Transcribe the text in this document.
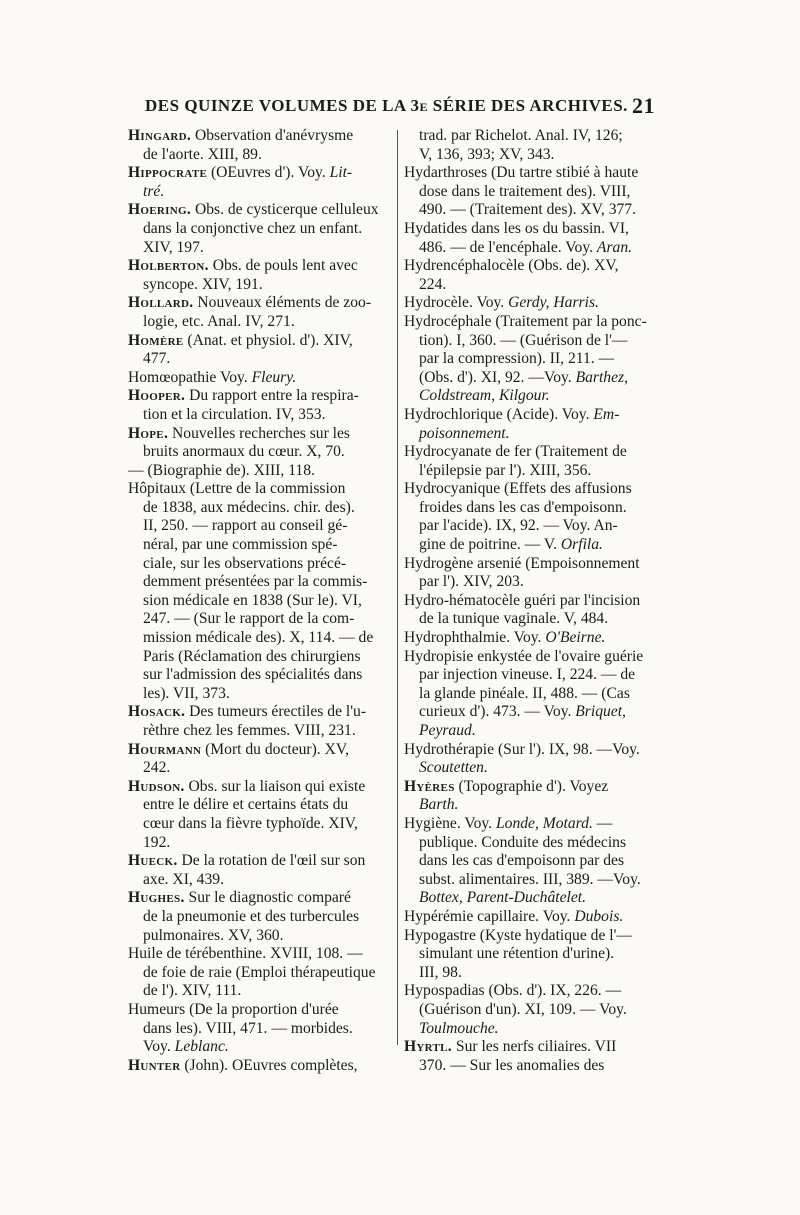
DES QUINZE VOLUMES DE LA 3e SÉRIE DES ARCHIVES. 21
Hingard. Observation d'anévrysme
de l'aorte. XIII, 89.
Hippocrate (OEuvres d'). Voy. Lit-
tré.
Hoering. Obs. de cysticerque celluleux
dans la conjonctive chez un enfant.
XIV, 197.
Holberton. Obs. de pouls lent avec
syncope. XIV, 191.
Hollard. Nouveaux éléments de zoo-
logie, etc. Anal. IV, 271.
Homère (Anat. et physiol. d'). XIV,
477.
Homœopathie Voy. Fleury.
Hooper. Du rapport entre la respira-
tion et la circulation. IV, 353.
Hope. Nouvelles recherches sur les
bruits anormaux du cœur. X, 70.
— (Biographie de). XIII, 118.
Hôpitaux (Lettre de la commission
de 1838, aux médecins. chir. des).
II, 250. — rapport au conseil gé-
néral, par une commission spé-
ciale, sur les observations précé-
demment présentées par la commis-
sion médicale en 1838 (Sur le). VI,
247. — (Sur le rapport de la com-
mission médicale des). X, 114. — de
Paris (Réclamation des chirurgiens
sur l'admission des spécialités dans
les). VII, 373.
Hosack. Des tumeurs érectiles de l'u-
rèthre chez les femmes. VIII, 231.
Hourmann (Mort du docteur). XV,
242.
Hudson. Obs. sur la liaison qui existe
entre le délire et certains états du
cœur dans la fièvre typhoïde. XIV,
192.
Hueck. De la rotation de l'œil sur son
axe. XI, 439.
Hughes. Sur le diagnostic comparé
de la pneumonie et des turbercules
pulmonaires. XV, 360.
Huile de térébenthine. XVIII, 108. —
de foie de raie (Emploi thérapeutique
de l'). XIV, 111.
Humeurs (De la proportion d'urée
dans les). VIII, 471. — morbides.
Voy. Leblanc.
Hunter (John). OEuvres complètes,
trad. par Richelot. Anal. IV, 126;
V, 136, 393; XV, 343.
Hydarthroses (Du tartre stibié à haute
dose dans le traitement des). VIII,
490. — (Traitement des). XV, 377.
Hydatides dans les os du bassin. VI,
486. — de l'encéphale. Voy. Aran.
Hydrencéphalocèle (Obs. de). XV,
224.
Hydrocèle. Voy. Gerdy, Harris.
Hydrocéphale (Traitement par la ponc-
tion). I, 360. — (Guérison de l'—
par la compression). II, 211. —
(Obs. d'). XI, 92. —Voy. Barthez,
Coldstream, Kilgour.
Hydrochlorique (Acide). Voy. Em-
poisonnement.
Hydrocyanate de fer (Traitement de
l'épilepsie par l'). XIII, 356.
Hydrocyanique (Effets des affusions
froides dans les cas d'empoisonn.
par l'acide). IX, 92. — Voy. An-
gine de poitrine. — V. Orfila.
Hydrogène arsenié (Empoisonnement
par l'). XIV, 203.
Hydro-hématocèle guéri par l'incision
de la tunique vaginale. V, 484.
Hydrophthalmie. Voy. O'Beirne.
Hydropisie enkystée de l'ovaire guérie
par injection vineuse. I, 224. — de
la glande pinéale. II, 488. — (Cas
curieux d'). 473. — Voy. Briquet,
Peyraud.
Hydrothérapie (Sur l'). IX, 98. —Voy.
Scoutetten.
Hyères (Topographie d'). Voyez
Barth.
Hygiène. Voy. Londe, Motard. —
publique. Conduite des médecins
dans les cas d'empoisonn par des
subst. alimentaires. III, 389. —Voy.
Bottex, Parent-Duchâtelet.
Hypérémie capillaire. Voy. Dubois.
Hypogastre (Kyste hydatique de l'—
simulant une rétention d'urine).
III, 98.
Hypospadias (Obs. d'). IX, 226. —
(Guérison d'un). XI, 109. — Voy.
Toulmouche.
Hyrtl. Sur les nerfs ciliaires. VII
370. — Sur les anomalies des
